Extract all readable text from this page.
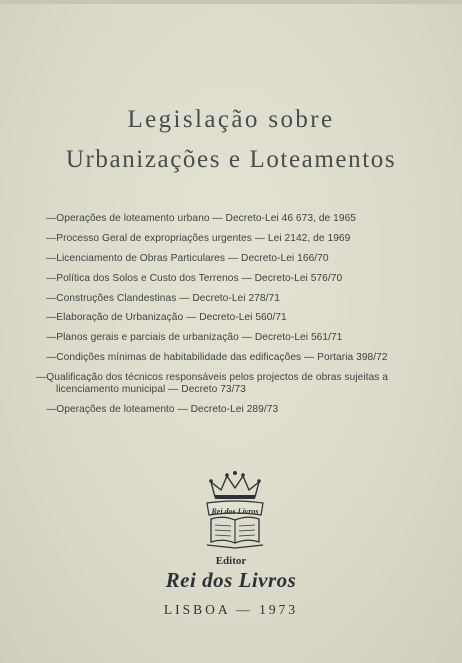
Legislação sobre
Urbanizações e Loteamentos
—Operações de loteamento urbano — Decreto-Lei 46 673, de 1965
—Processo Geral de expropriações urgentes — Lei 2142, de 1969
—Licenciamento de Obras Particulares — Decreto-Lei 166/70
—Política dos Solos e Custo dos Terrenos — Decreto-Lei 576/70
—Construções Clandestinas — Decreto-Lei 278/71
—Elaboração de Urbanização — Decreto-Lei 560/71
—Planos gerais e parciais de urbanização — Decreto-Lei 561/71
—Condições mínimas de habitabilidade das edificações — Portaria 398/72
—Qualificação dos técnicos responsáveis pelos projectos de obras sujeitas a licenciamento municipal — Decreto 73/73
—Operações de loteamento — Decreto-Lei 289/73
Rei dos Livros
Editor
Rei dos Livros
LISBOA — 1973
